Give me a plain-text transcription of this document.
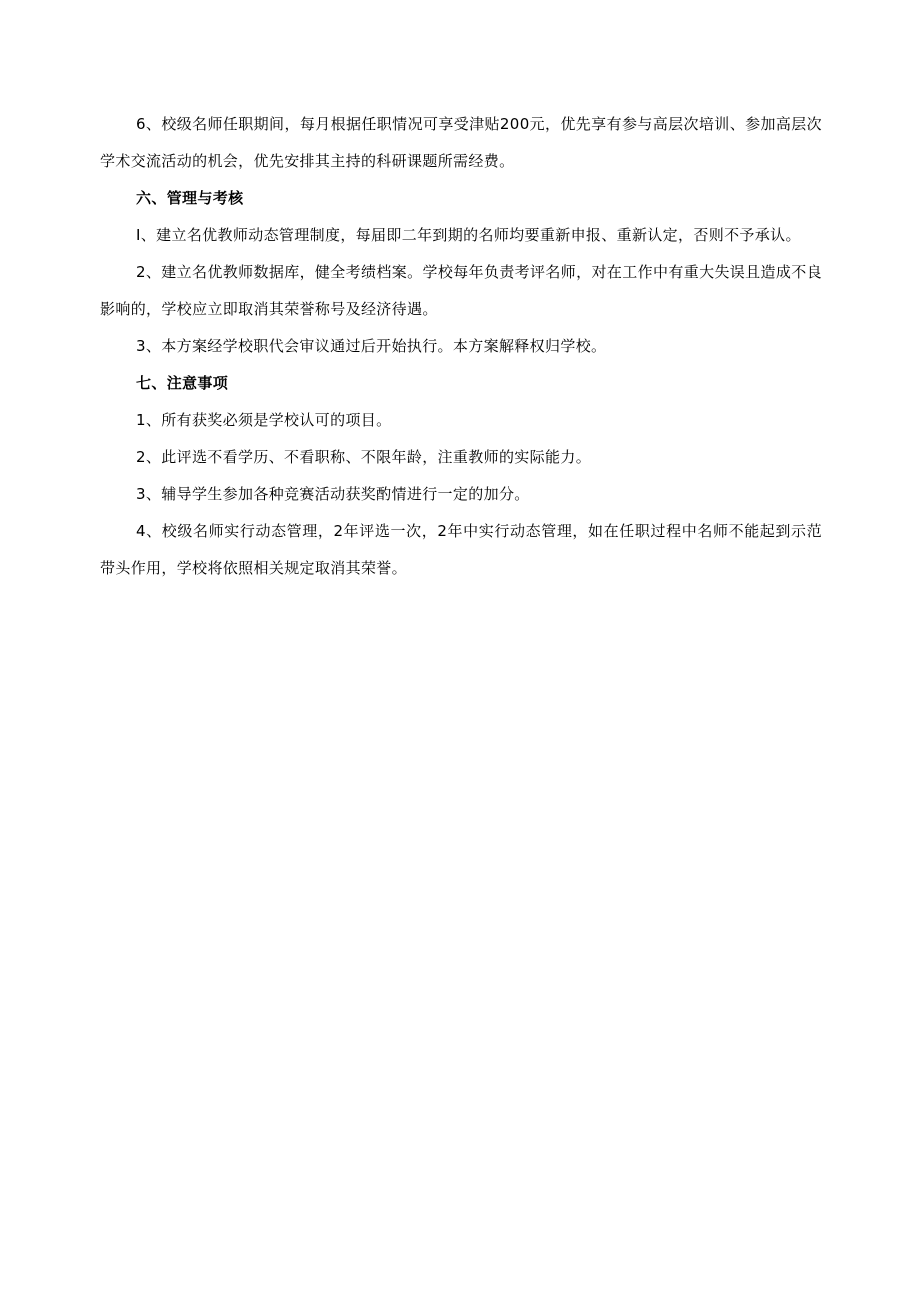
6、校级名师任职期间，每月根据任职情况可享受津贴200元，优先享有参与高层次培训、参加高层次学术交流活动的机会，优先安排其主持的科研课题所需经费。

六、管理与考核

I、建立名优教师动态管理制度，每届即二年到期的名师均要重新申报、重新认定，否则不予承认。

2、建立名优教师数据库，健全考绩档案。学校每年负责考评名师，对在工作中有重大失误且造成不良影响的，学校应立即取消其荣誉称号及经济待遇。

3、本方案经学校职代会审议通过后开始执行。本方案解释权归学校。

七、注意事项

1、所有获奖必须是学校认可的项目。

2、此评选不看学历、不看职称、不限年龄，注重教师的实际能力。

3、辅导学生参加各种竞赛活动获奖酌情进行一定的加分。

4、校级名师实行动态管理，2年评选一次，2年中实行动态管理，如在任职过程中名师不能起到示范带头作用，学校将依照相关规定取消其荣誉。
